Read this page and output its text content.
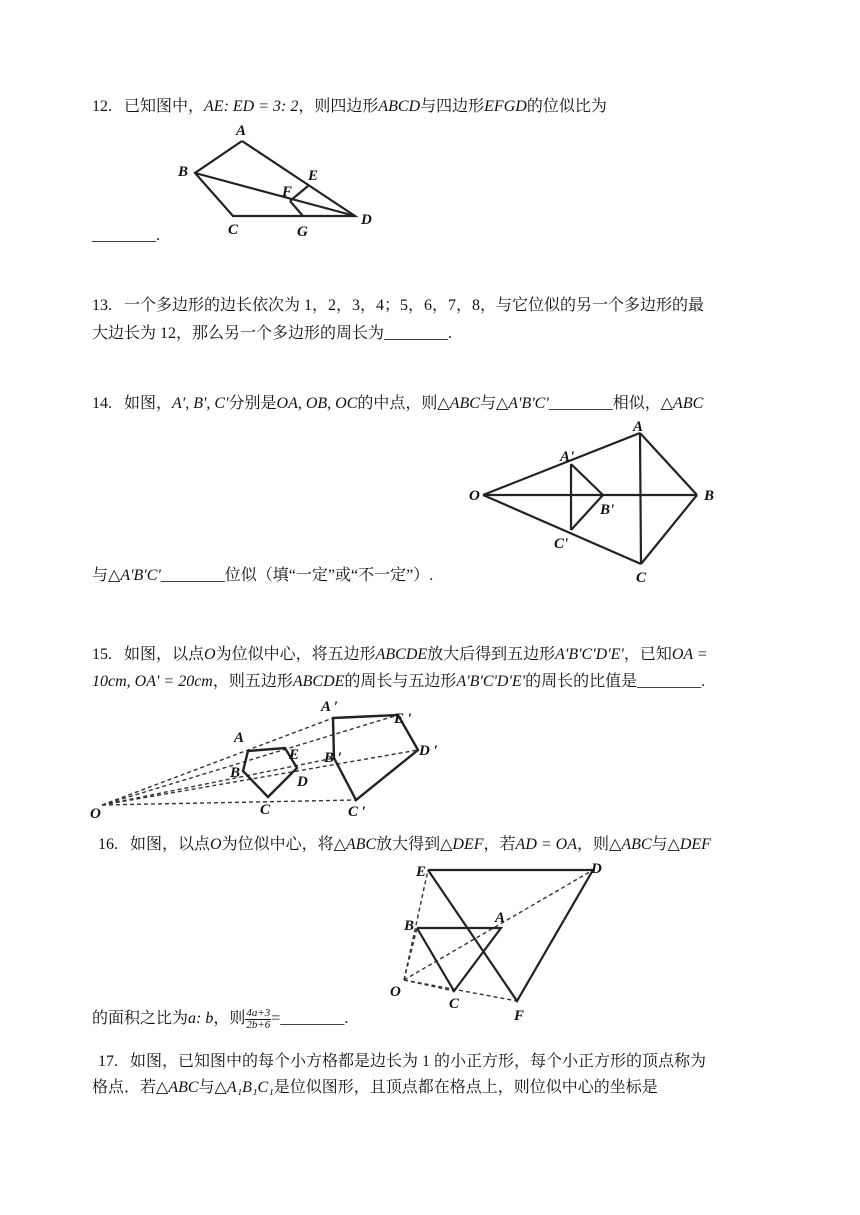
12. 已知图中，AE: ED = 3: 2，则四边形ABCD与四边形EFGD的位似比为
A
B
C
D
E
F
G
________.
13. 一个多边形的边长依次为 1，2，3，4；5，6，7，8，与它位似的另一个多边形的最
大边长为 12，那么另一个多边形的周长为________.
14. 如图，A', B', C'分别是OA, OB, OC的中点，则△ABC与△A'B'C'________相似，△ABC
O
A
B
C
A'
B'
C'
与△A'B'C'________位似（填“一定”或“不一定”）.
15. 如图，以点O为位似中心，将五边形ABCDE放大后得到五边形A'B'C'D'E'，已知OA =
10cm, OA' = 20cm，则五边形ABCDE的周长与五边形A'B'C'D'E'的周长的比值是________.
O
A
B
C
D
E
A ′
B ′
C ′
D ′
E ′
16. 如图，以点O为位似中心，将△ABC放大得到△DEF，若AD = OA，则△ABC与△DEF
E	D
B	A
O
C
F
的面积之比为a: b，则 $\frac{4a+3}{2b+6}$ =________.
17. 如图，已知图中的每个小方格都是边长为 1 的小正方形，每个小正方形的顶点称为
格点．若△ABC与△A₁B₁C₁是位似图形，且顶点都在格点上，则位似中心的坐标是
